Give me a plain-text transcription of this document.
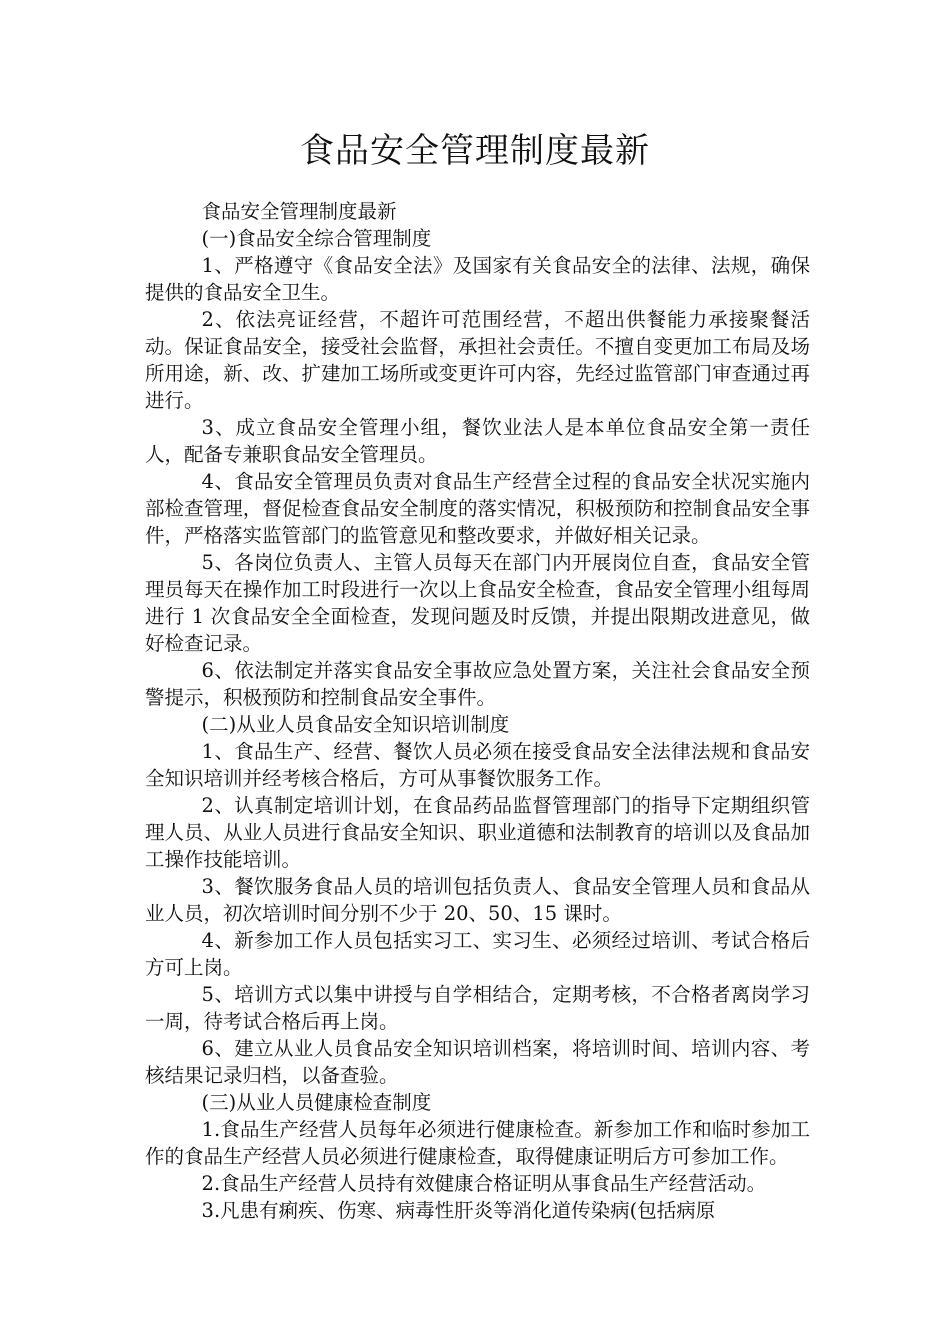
食品安全管理制度最新

食品安全管理制度最新

(一)食品安全综合管理制度

1、严格遵守《食品安全法》及国家有关食品安全的法律、法规，确保提供的食品安全卫生。

2、依法亮证经营，不超许可范围经营，不超出供餐能力承接聚餐活动。保证食品安全，接受社会监督，承担社会责任。不擅自变更加工布局及场所用途，新、改、扩建加工场所或变更许可内容，先经过监管部门审查通过再进行。

3、成立食品安全管理小组，餐饮业法人是本单位食品安全第一责任人，配备专兼职食品安全管理员。

4、食品安全管理员负责对食品生产经营全过程的食品安全状况实施内部检查管理，督促检查食品安全制度的落实情况，积极预防和控制食品安全事件，严格落实监管部门的监管意见和整改要求，并做好相关记录。

5、各岗位负责人、主管人员每天在部门内开展岗位自查，食品安全管理员每天在操作加工时段进行一次以上食品安全检查，食品安全管理小组每周进行 1 次食品安全全面检查，发现问题及时反馈，并提出限期改进意见，做好检查记录。

6、依法制定并落实食品安全事故应急处置方案，关注社会食品安全预警提示，积极预防和控制食品安全事件。

(二)从业人员食品安全知识培训制度

1、食品生产、经营、餐饮人员必须在接受食品安全法律法规和食品安全知识培训并经考核合格后，方可从事餐饮服务工作。

2、认真制定培训计划，在食品药品监督管理部门的指导下定期组织管理人员、从业人员进行食品安全知识、职业道德和法制教育的培训以及食品加工操作技能培训。

3、餐饮服务食品人员的培训包括负责人、食品安全管理人员和食品从业人员，初次培训时间分别不少于 20、50、15 课时。

4、新参加工作人员包括实习工、实习生、必须经过培训、考试合格后方可上岗。

5、培训方式以集中讲授与自学相结合，定期考核，不合格者离岗学习一周，待考试合格后再上岗。

6、建立从业人员食品安全知识培训档案，将培训时间、培训内容、考核结果记录归档，以备查验。

(三)从业人员健康检查制度

1.食品生产经营人员每年必须进行健康检查。新参加工作和临时参加工作的食品生产经营人员必须进行健康检查，取得健康证明后方可参加工作。

2.食品生产经营人员持有效健康合格证明从事食品生产经营活动。

3.凡患有痢疾、伤寒、病毒性肝炎等消化道传染病(包括病原
